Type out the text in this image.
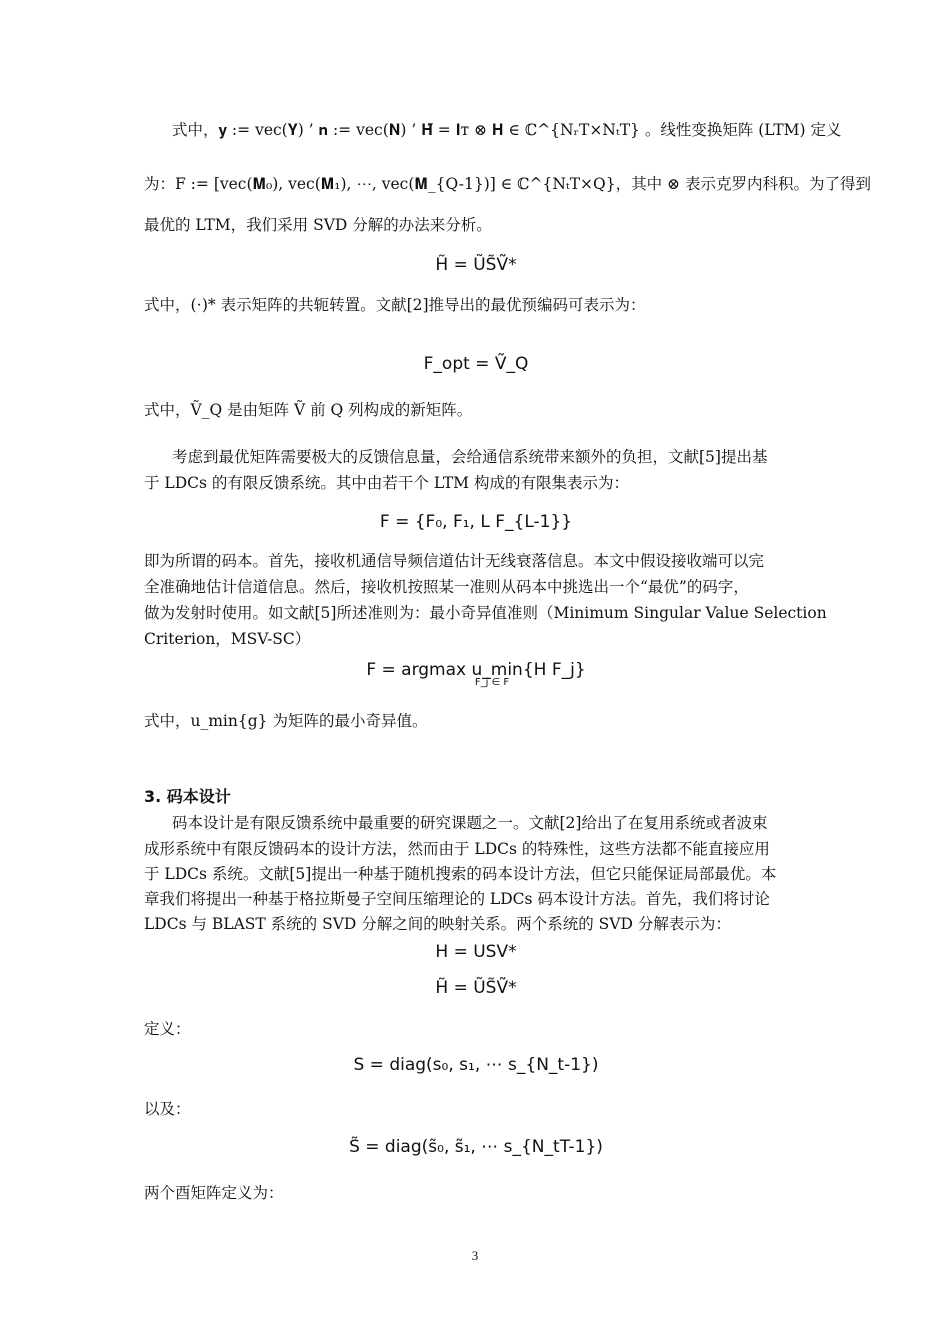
式中，𝐲 := vec(𝐘) ’ 𝐧 := vec(𝐍) ’ 𝐇̃ = 𝐈ᴛ ⊗ 𝐇 ∈ ℂ^{NᵣT×NₜT} 。线性变换矩阵 (LTM) 定义
为：F := [vec(𝐌₀), vec(𝐌₁), ⋯, vec(𝐌_{Q-1})] ∈ ℂ^{NₜT×Q}，其中 ⊗ 表示克罗内科积。为了得到
最优的 LTM，我们采用 SVD 分解的办法来分析。
H̃ = ŨS̃Ṽ*
式中，(⋅)* 表示矩阵的共轭转置。文献[2]推导出的最优预编码可表示为：
F_opt = Ṽ_Q
式中，Ṽ_Q 是由矩阵 Ṽ 前 Q 列构成的新矩阵。
考虑到最优矩阵需要极大的反馈信息量，会给通信系统带来额外的负担，文献[5]提出基
于 LDCs 的有限反馈系统。其中由若干个 LTM 构成的有限集表示为：
F = {F₀, F₁, L F_{L-1}}
即为所谓的码本。首先，接收机通信导频信道估计无线衰落信息。本文中假设接收端可以完
全准确地估计信道信息。然后，接收机按照某一准则从码本中挑选出一个“最优”的码字，
做为发射时使用。如文献[5]所述准则为：最小奇异值准则（Minimum Singular Value Selection
Criterion，MSV-SC）
F = argmax u_min{H F_j}
F_j ∈ F
式中，u_min{g} 为矩阵的最小奇异值。
3. 码本设计
码本设计是有限反馈系统中最重要的研究课题之一。文献[2]给出了在复用系统或者波束
成形系统中有限反馈码本的设计方法，然而由于 LDCs 的特殊性，这些方法都不能直接应用
于 LDCs 系统。文献[5]提出一种基于随机搜索的码本设计方法，但它只能保证局部最优。本
章我们将提出一种基于格拉斯曼子空间压缩理论的 LDCs 码本设计方法。首先，我们将讨论
LDCs 与 BLAST 系统的 SVD 分解之间的映射关系。两个系统的 SVD 分解表示为：
H = USV*
H̃ = ŨS̃Ṽ*
定义：
S = diag(s₀, s₁, ⋯ s_{N_t-1})
以及：
S̃ = diag(s̃₀, s̃₁, ⋯ s_{N_tT-1})
两个酉矩阵定义为：
3
